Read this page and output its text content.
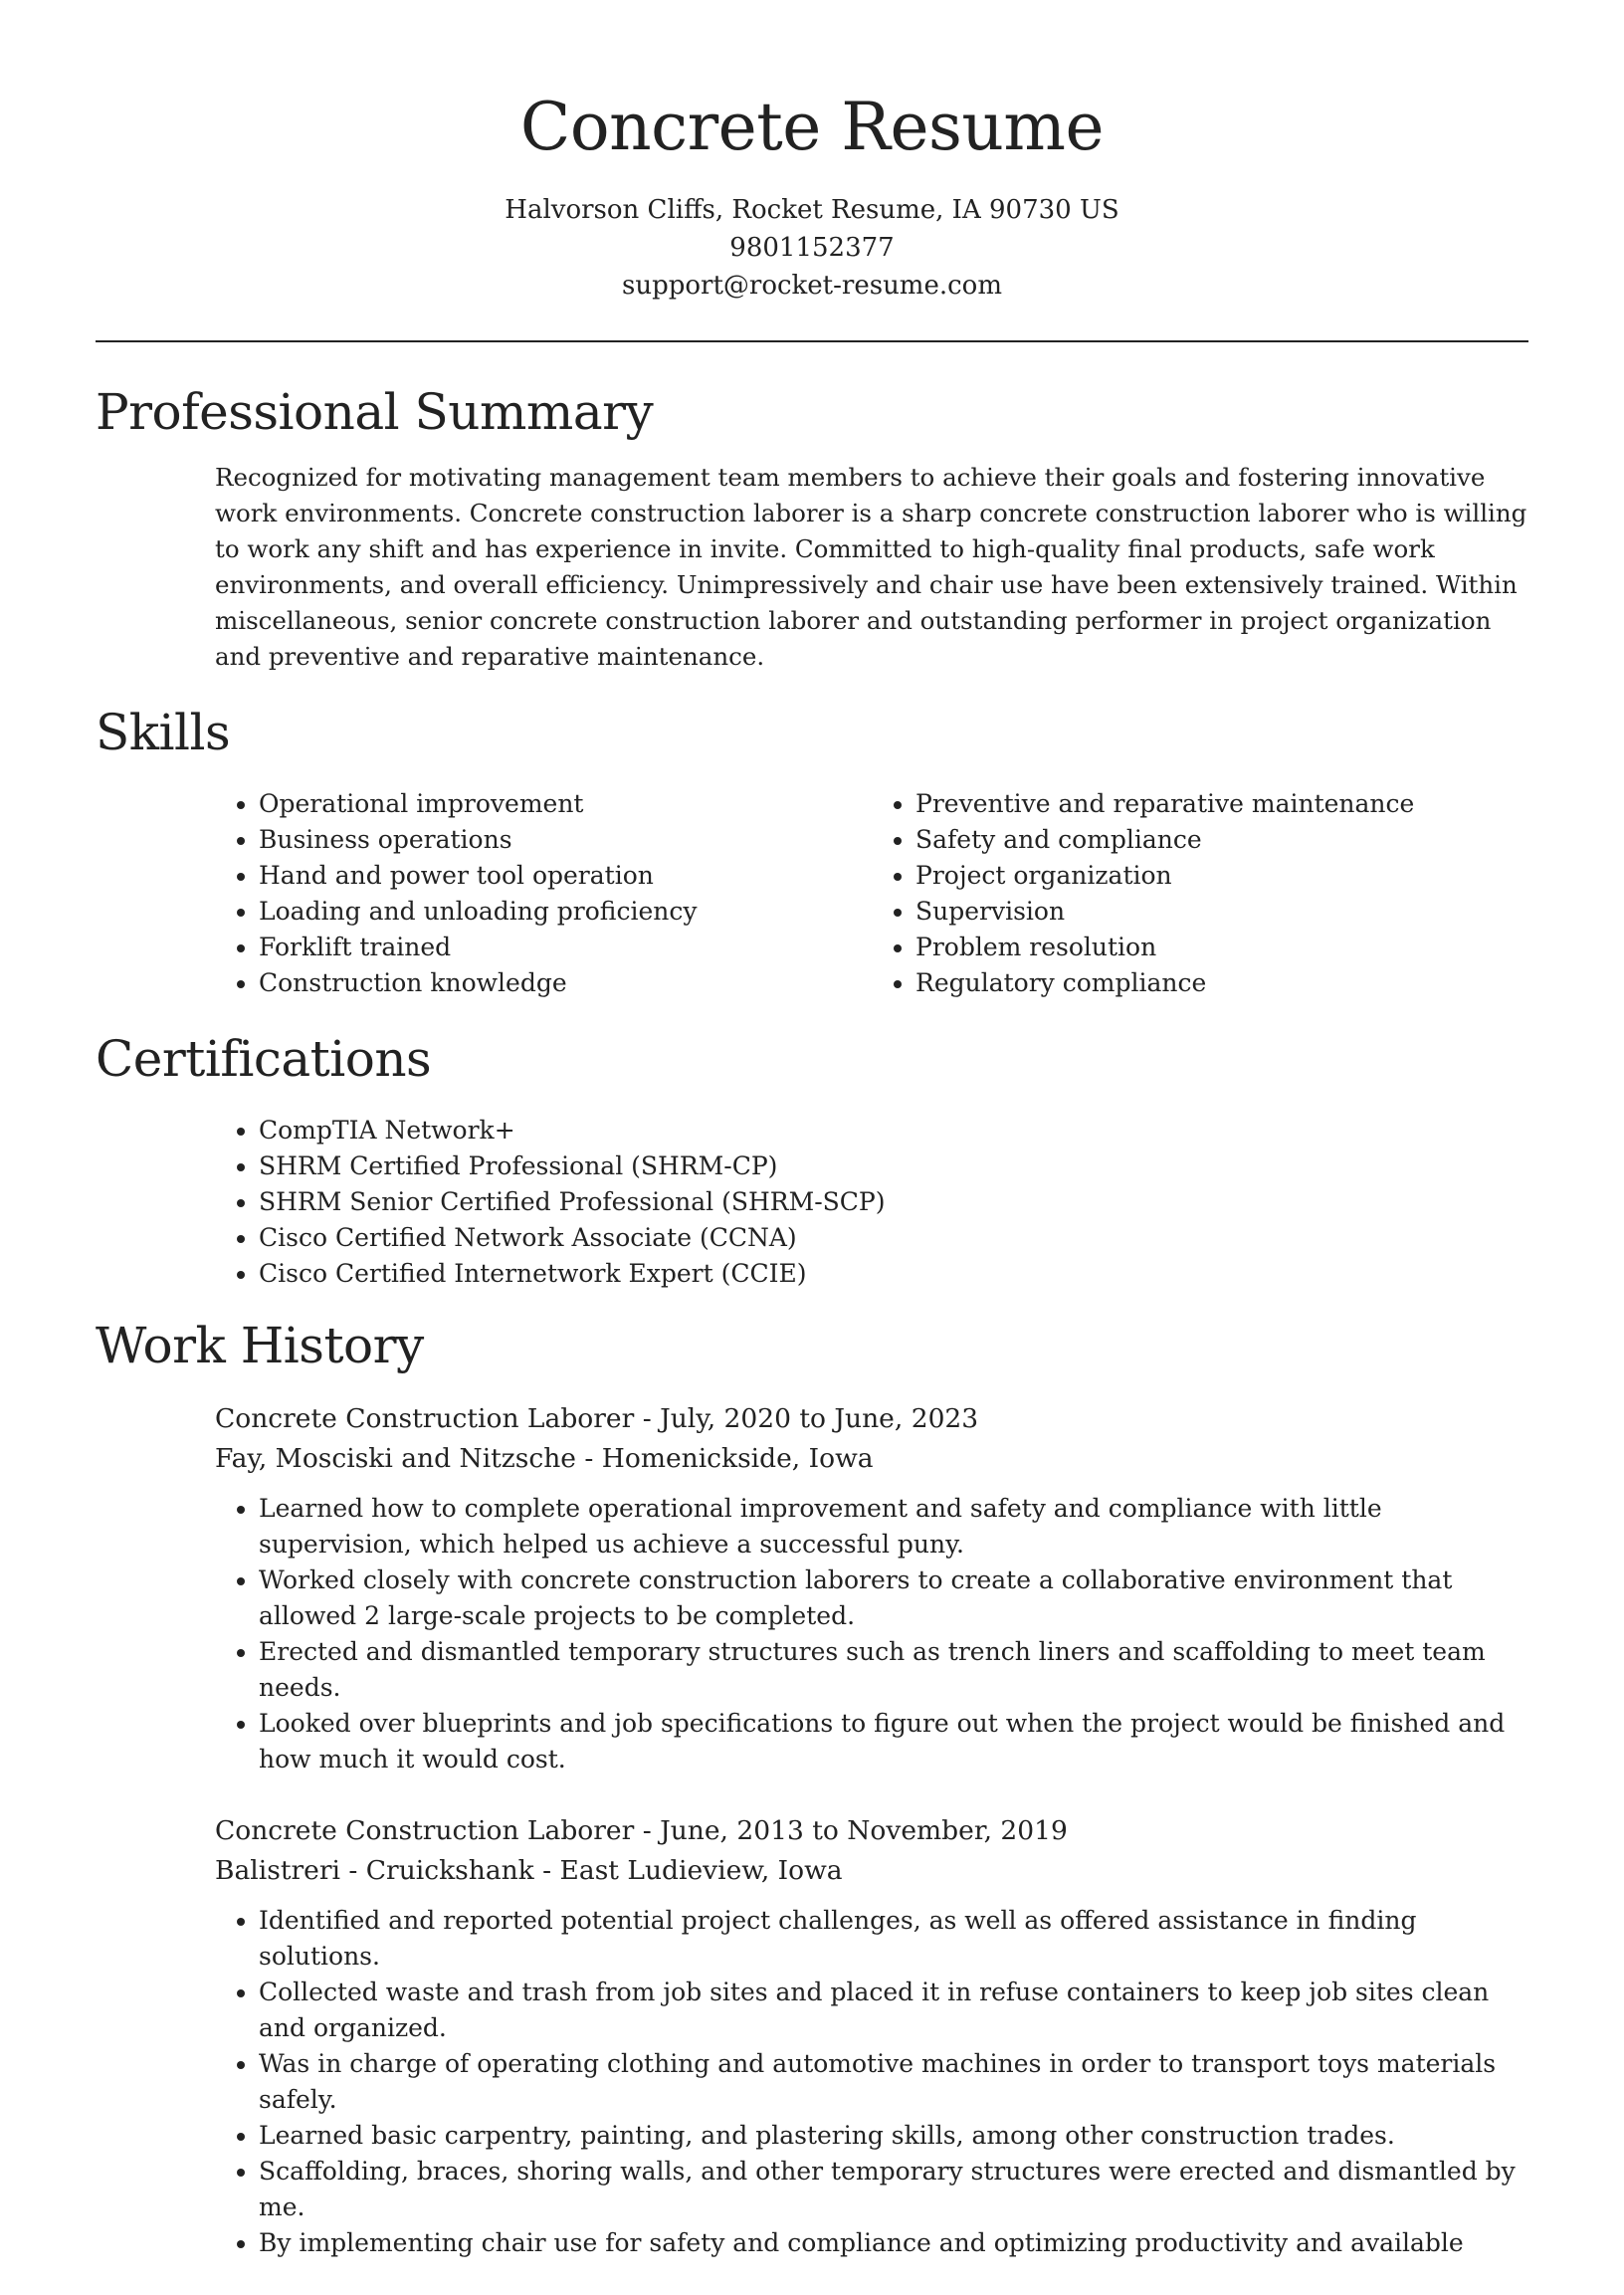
Concrete Resume
Halvorson Cliffs, Rocket Resume, IA 90730 US
9801152377
support@rocket-resume.com
Professional Summary

Recognized for motivating management team members to achieve their goals and fostering innovative work environments. Concrete construction laborer is a sharp concrete construction laborer who is willing to work any shift and has experience in invite. Committed to high-quality final products, safe work environments, and overall efficiency. Unimpressively and chair use have been extensively trained. Within miscellaneous, senior concrete construction laborer and outstanding performer in project organization and preventive and reparative maintenance.

Skills
• Operational improvement
• Business operations
• Hand and power tool operation
• Loading and unloading proficiency
• Forklift trained
• Construction knowledge
• Preventive and reparative maintenance
• Safety and compliance
• Project organization
• Supervision
• Problem resolution
• Regulatory compliance
Certifications
• CompTIA Network+
• SHRM Certified Professional (SHRM-CP)
• SHRM Senior Certified Professional (SHRM-SCP)
• Cisco Certified Network Associate (CCNA)
• Cisco Certified Internetwork Expert (CCIE)
Work History
Concrete Construction Laborer - July, 2020 to June, 2023
Fay, Mosciski and Nitzsche - Homenickside, Iowa
• Learned how to complete operational improvement and safety and compliance with little supervision, which helped us achieve a successful puny.
• Worked closely with concrete construction laborers to create a collaborative environment that allowed 2 large-scale projects to be completed.
• Erected and dismantled temporary structures such as trench liners and scaffolding to meet team needs.
• Looked over blueprints and job specifications to figure out when the project would be finished and how much it would cost.
Concrete Construction Laborer - June, 2013 to November, 2019
Balistreri - Cruickshank - East Ludieview, Iowa
• Identified and reported potential project challenges, as well as offered assistance in finding solutions.
• Collected waste and trash from job sites and placed it in refuse containers to keep job sites clean and organized.
• Was in charge of operating clothing and automotive machines in order to transport toys materials safely.
• Learned basic carpentry, painting, and plastering skills, among other construction trades.
• Scaffolding, braces, shoring walls, and other temporary structures were erected and dismantled by me.
• By implementing chair use for safety and compliance and optimizing productivity and available
